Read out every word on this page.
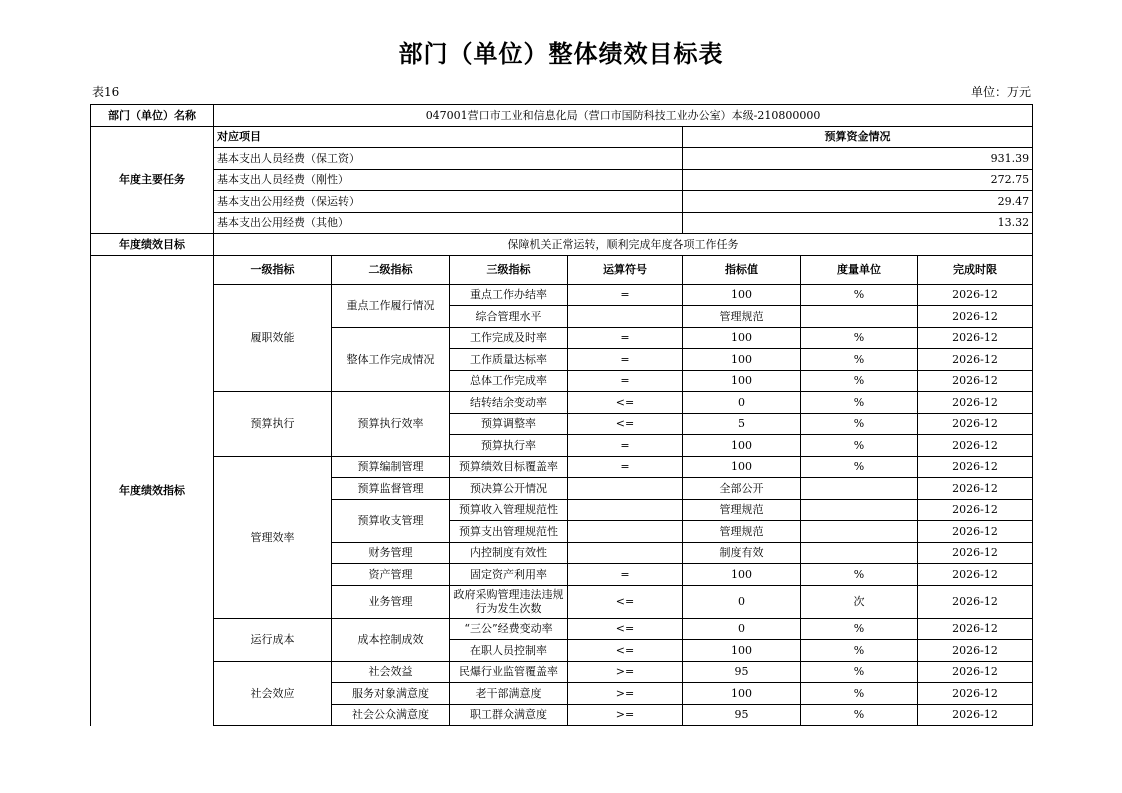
部门（单位）整体绩效目标表
表16	单位：万元
部门（单位）名称	047001营口市工业和信息化局（营口市国防科技工业办公室）本级-210800000						
年度主要任务	对应项目				预算资金情况		
	基本支出人员经费（保工资）				931.39		
	基本支出人员经费（刚性）				272.75		
	基本支出公用经费（保运转）				29.47		
	基本支出公用经费（其他）				13.32		
年度绩效目标	保障机关正常运转，顺利完成年度各项工作任务						
年度绩效指标	一级指标	二级指标	三级指标	运算符号	指标值	度量单位	完成时限
	履职效能	重点工作履行情况	重点工作办结率	=	100	%	2026-12
			综合管理水平		管理规范		2026-12
		整体工作完成情况	工作完成及时率	=	100	%	2026-12
			工作质量达标率	=	100	%	2026-12
			总体工作完成率	=	100	%	2026-12
	预算执行	预算执行效率	结转结余变动率	<=	0	%	2026-12
			预算调整率	<=	5	%	2026-12
			预算执行率	=	100	%	2026-12
	管理效率	预算编制管理	预算绩效目标覆盖率	=	100	%	2026-12
		预算监督管理	预决算公开情况		全部公开		2026-12
		预算收支管理	预算收入管理规范性		管理规范		2026-12
			预算支出管理规范性		管理规范		2026-12
		财务管理	内控制度有效性		制度有效		2026-12
		资产管理	固定资产利用率	=	100	%	2026-12
		业务管理	政府采购管理违法违规行为发生次数	<=	0	次	2026-12
	运行成本	成本控制成效	“三公”经费变动率	<=	0	%	2026-12
			在职人员控制率	<=	100	%	2026-12
	社会效应	社会效益	民爆行业监管覆盖率	>=	95	%	2026-12
		服务对象满意度	老干部满意度	>=	100	%	2026-12
		社会公众满意度	职工群众满意度	>=	95	%	2026-12
